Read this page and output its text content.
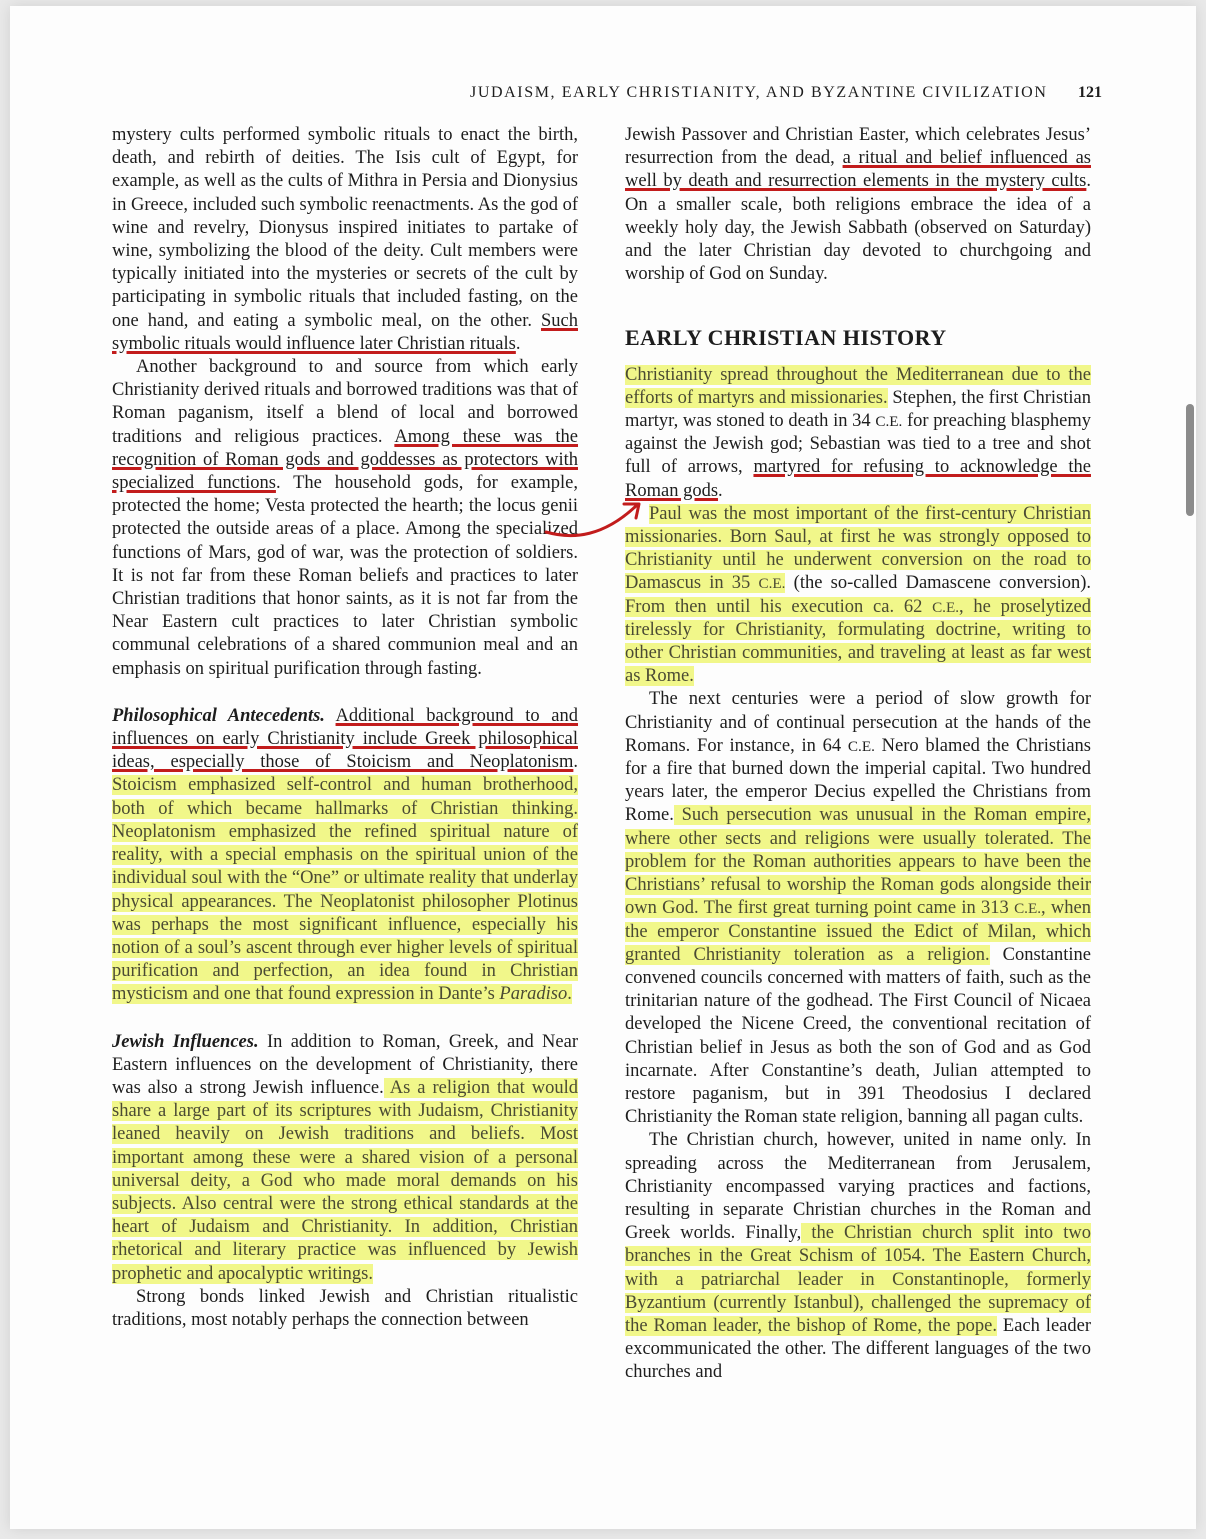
JUDAISM, EARLY CHRISTIANITY, AND BYZANTINE CIVILIZATION 121

mystery cults performed symbolic rituals to enact the birth, death, and rebirth of deities. The Isis cult of Egypt, for example, as well as the cults of Mithra in Persia and Dionysius in Greece, included such symbolic reenactments. As the god of wine and revelry, Dionysus inspired initiates to partake of wine, symbolizing the blood of the deity. Cult members were typically initiated into the mysteries or secrets of the cult by participating in symbolic rituals that included fasting, on the one hand, and eating a symbolic meal, on the other. Such symbolic rituals would influence later Christian rituals.

Another background to and source from which early Christianity derived rituals and borrowed traditions was that of Roman paganism, itself a blend of local and borrowed traditions and religious practices. Among these was the recognition of Roman gods and goddesses as protectors with specialized functions. The household gods, for example, protected the home; Vesta protected the hearth; the locus genii protected the outside areas of a place. Among the specialized functions of Mars, god of war, was the protection of soldiers. It is not far from these Roman beliefs and practices to later Christian traditions that honor saints, as it is not far from the Near Eastern cult practices to later Christian symbolic communal celebrations of a shared communion meal and an emphasis on spiritual purification through fasting.

Philosophical Antecedents. Additional background to and influences on early Christianity include Greek philosophical ideas, especially those of Stoicism and Neoplatonism. Stoicism emphasized self-control and human brotherhood, both of which became hallmarks of Christian thinking. Neoplatonism emphasized the refined spiritual nature of reality, with a special emphasis on the spiritual union of the individual soul with the “One” or ultimate reality that underlay physical appearances. The Neoplatonist philosopher Plotinus was perhaps the most significant influence, especially his notion of a soul’s ascent through ever higher levels of spiritual purification and perfection, an idea found in Christian mysticism and one that found expression in Dante’s Paradiso.

Jewish Influences. In addition to Roman, Greek, and Near Eastern influences on the development of Christianity, there was also a strong Jewish influence. As a religion that would share a large part of its scriptures with Judaism, Christianity leaned heavily on Jewish traditions and beliefs. Most important among these were a shared vision of a personal universal deity, a God who made moral demands on his subjects. Also central were the strong ethical standards at the heart of Judaism and Christianity. In addition, Christian rhetorical and literary practice was influenced by Jewish prophetic and apocalyptic writings.

Strong bonds linked Jewish and Christian ritualistic traditions, most notably perhaps the connection between

Jewish Passover and Christian Easter, which celebrates Jesus’ resurrection from the dead, a ritual and belief influenced as well by death and resurrection elements in the mystery cults. On a smaller scale, both religions embrace the idea of a weekly holy day, the Jewish Sabbath (observed on Saturday) and the later Christian day devoted to churchgoing and worship of God on Sunday.

EARLY CHRISTIAN HISTORY

Christianity spread throughout the Mediterranean due to the efforts of martyrs and missionaries. Stephen, the first Christian martyr, was stoned to death in 34 C.E. for preaching blasphemy against the Jewish god; Sebastian was tied to a tree and shot full of arrows, martyred for refusing to acknowledge the Roman gods.

Paul was the most important of the first-century Christian missionaries. Born Saul, at first he was strongly opposed to Christianity until he underwent conversion on the road to Damascus in 35 C.E. (the so-called Damascene conversion). From then until his execution ca. 62 C.E., he proselytized tirelessly for Christianity, formulating doctrine, writing to other Christian communities, and traveling at least as far west as Rome.

The next centuries were a period of slow growth for Christianity and of continual persecution at the hands of the Romans. For instance, in 64 C.E. Nero blamed the Christians for a fire that burned down the imperial capital. Two hundred years later, the emperor Decius expelled the Christians from Rome. Such persecution was unusual in the Roman empire, where other sects and religions were usually tolerated. The problem for the Roman authorities appears to have been the Christians’ refusal to worship the Roman gods alongside their own God. The first great turning point came in 313 C.E., when the emperor Constantine issued the Edict of Milan, which granted Christianity toleration as a religion. Constantine convened councils concerned with matters of faith, such as the trinitarian nature of the godhead. The First Council of Nicaea developed the Nicene Creed, the conventional recitation of Christian belief in Jesus as both the son of God and as God incarnate. After Constantine’s death, Julian attempted to restore paganism, but in 391 Theodosius I declared Christianity the Roman state religion, banning all pagan cults.

The Christian church, however, united in name only. In spreading across the Mediterranean from Jerusalem, Christianity encompassed varying practices and factions, resulting in separate Christian churches in the Roman and Greek worlds. Finally, the Christian church split into two branches in the Great Schism of 1054. The Eastern Church, with a patriarchal leader in Constantinople, formerly Byzantium (currently Istanbul), challenged the supremacy of the Roman leader, the bishop of Rome, the pope. Each leader excommunicated the other. The different languages of the two churches and
